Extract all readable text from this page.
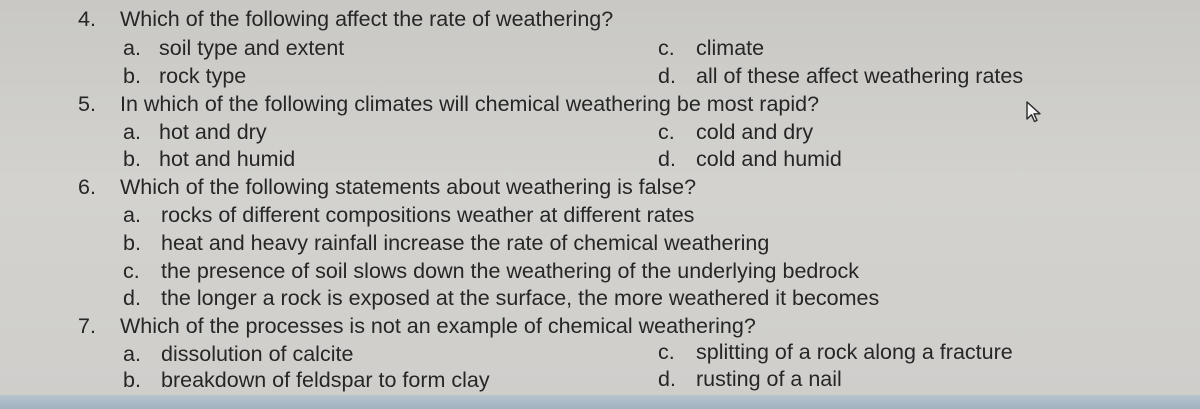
4. Which of the following affect the rate of weathering?
a. soil type and extent
b. rock type
c. climate
d. all of these affect weathering rates
5. In which of the following climates will chemical weathering be most rapid?
a. hot and dry
b. hot and humid
c. cold and dry
d. cold and humid
6. Which of the following statements about weathering is false?
a. rocks of different compositions weather at different rates
b. heat and heavy rainfall increase the rate of chemical weathering
c. the presence of soil slows down the weathering of the underlying bedrock
d. the longer a rock is exposed at the surface, the more weathered it becomes
7. Which of the processes is not an example of chemical weathering?
a. dissolution of calcite
b. breakdown of feldspar to form clay
c. splitting of a rock along a fracture
d. rusting of a nail
